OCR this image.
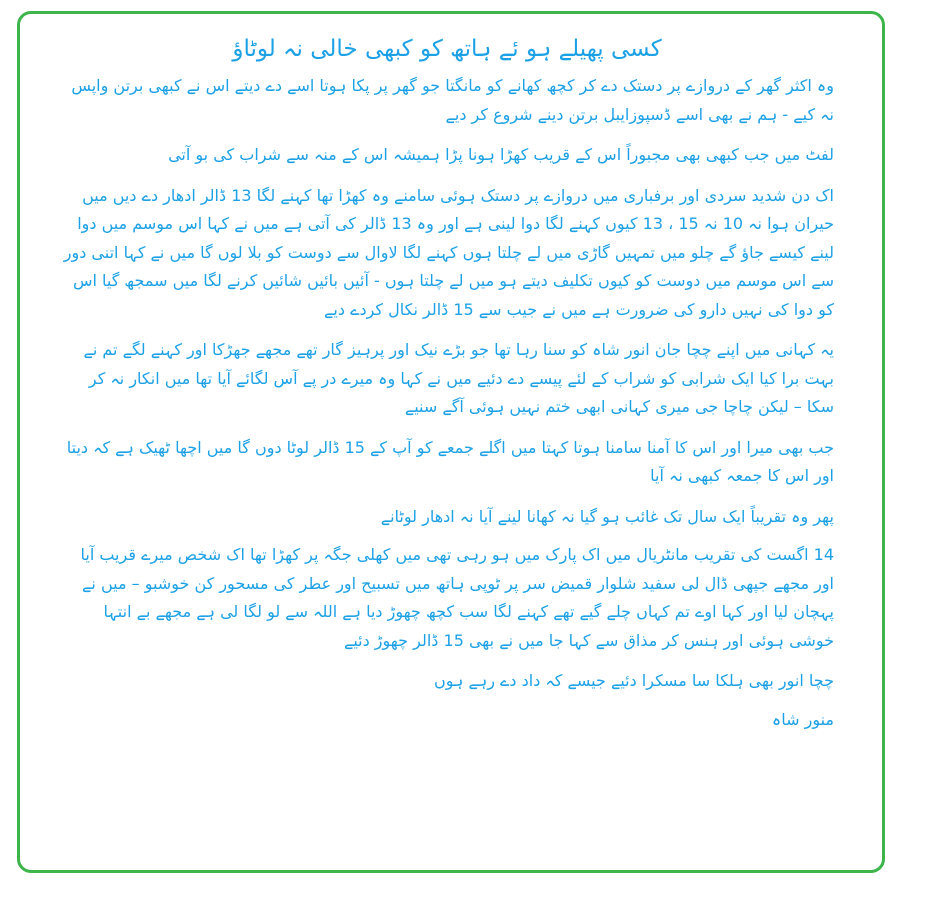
کسی پھیلے ہو ئے ہاتھ کو کبھی خالی نہ لوٹاؤ

وہ اکثر گھر کے دروازے پر دستک دے کر کچھ کھانے کو مانگتا جو گھر پر پکا ہوتا اسے دے دیتے اس نے کبھی برتن واپس نہ کیے - ہم نے بھی اسے ڈسپوزایبل برتن دینے شروع کر دیے

لفٹ میں جب کبھی بھی مجبوراً اس کے قریب کھڑا ہونا پڑا ہمیشہ اس کے منہ سے شراب کی بو آتی

اک دن شدید سردی اور برفباری میں دروازے پر دستک ہوئی سامنے وہ کھڑا تھا کہنے لگا 13 ڈالر ادھار دے دیں میں حیران ہوا نہ 10 نہ 15 ، 13 کیوں کہنے لگا دوا لینی ہے اور وہ 13 ڈالر کی آتی ہے میں نے کہا اس موسم میں دوا لینے کیسے جاؤ گے چلو میں تمہیں گاڑی میں لے چلتا ہوں کہنے لگا لاوال سے دوست کو بلا لوں گا میں نے کہا اتنی دور سے اس موسم میں دوست کو کیوں تکلیف دیتے ہو میں لے چلتا ہوں - آئیں بائیں شائیں کرنے لگا میں سمجھ گیا اس کو دوا کی نہیں دارو کی ضرورت ہے میں نے جیب سے 15 ڈالر نکال کردے دیے

یہ کہانی میں اپنے چچا جان انور شاہ کو سنا رہا تھا جو بڑے نیک اور پرہیز گار تھے مجھے جھڑکا اور کہنے لگے تم نے بہت برا کیا ایک شرابی کو شراب کے لئے پیسے دے دئیے میں نے کہا وہ میرے در پے آس لگائے آیا تھا میں انکار نہ کر سکا – لیکن چاچا جی میری کہانی ابھی ختم نہیں ہوئی آگے سنیے

جب بھی میرا اور اس کا آمنا سامنا ہوتا کہتا میں اگلے جمعے کو آپ کے 15 ڈالر لوٹا دوں گا میں اچھا ٹھیک ہے کہ دیتا اور اس کا جمعہ کبھی نہ آیا

پھر وہ تقریباً ایک سال تک غائب ہو گیا نہ کھانا لینے آیا نہ ادھار لوٹانے

14 اگست کی تقریب مانٹریال میں اک پارک میں ہو رہی تھی میں کھلی جگہ پر کھڑا تھا اک شخص میرے قریب آیا اور مجھے جپھی ڈال لی سفید شلوار قمیض سر پر ٹوپی ہاتھ میں تسبیح اور عطر کی مسحور کن خوشبو – میں نے پہچان لیا اور کہا اوے تم کہاں چلے گیے تھے کہنے لگا سب کچھ چھوڑ دیا ہے اللہ سے لو لگا لی ہے مجھے بے انتہا خوشی ہوئی اور ہنس کر مذاق سے کہا جا میں نے بھی 15 ڈالر چھوڑ دئیے

چچا انور بھی ہلکا سا مسکرا دئیے جیسے کہ داد دے رہے ہوں

منور شاہ
